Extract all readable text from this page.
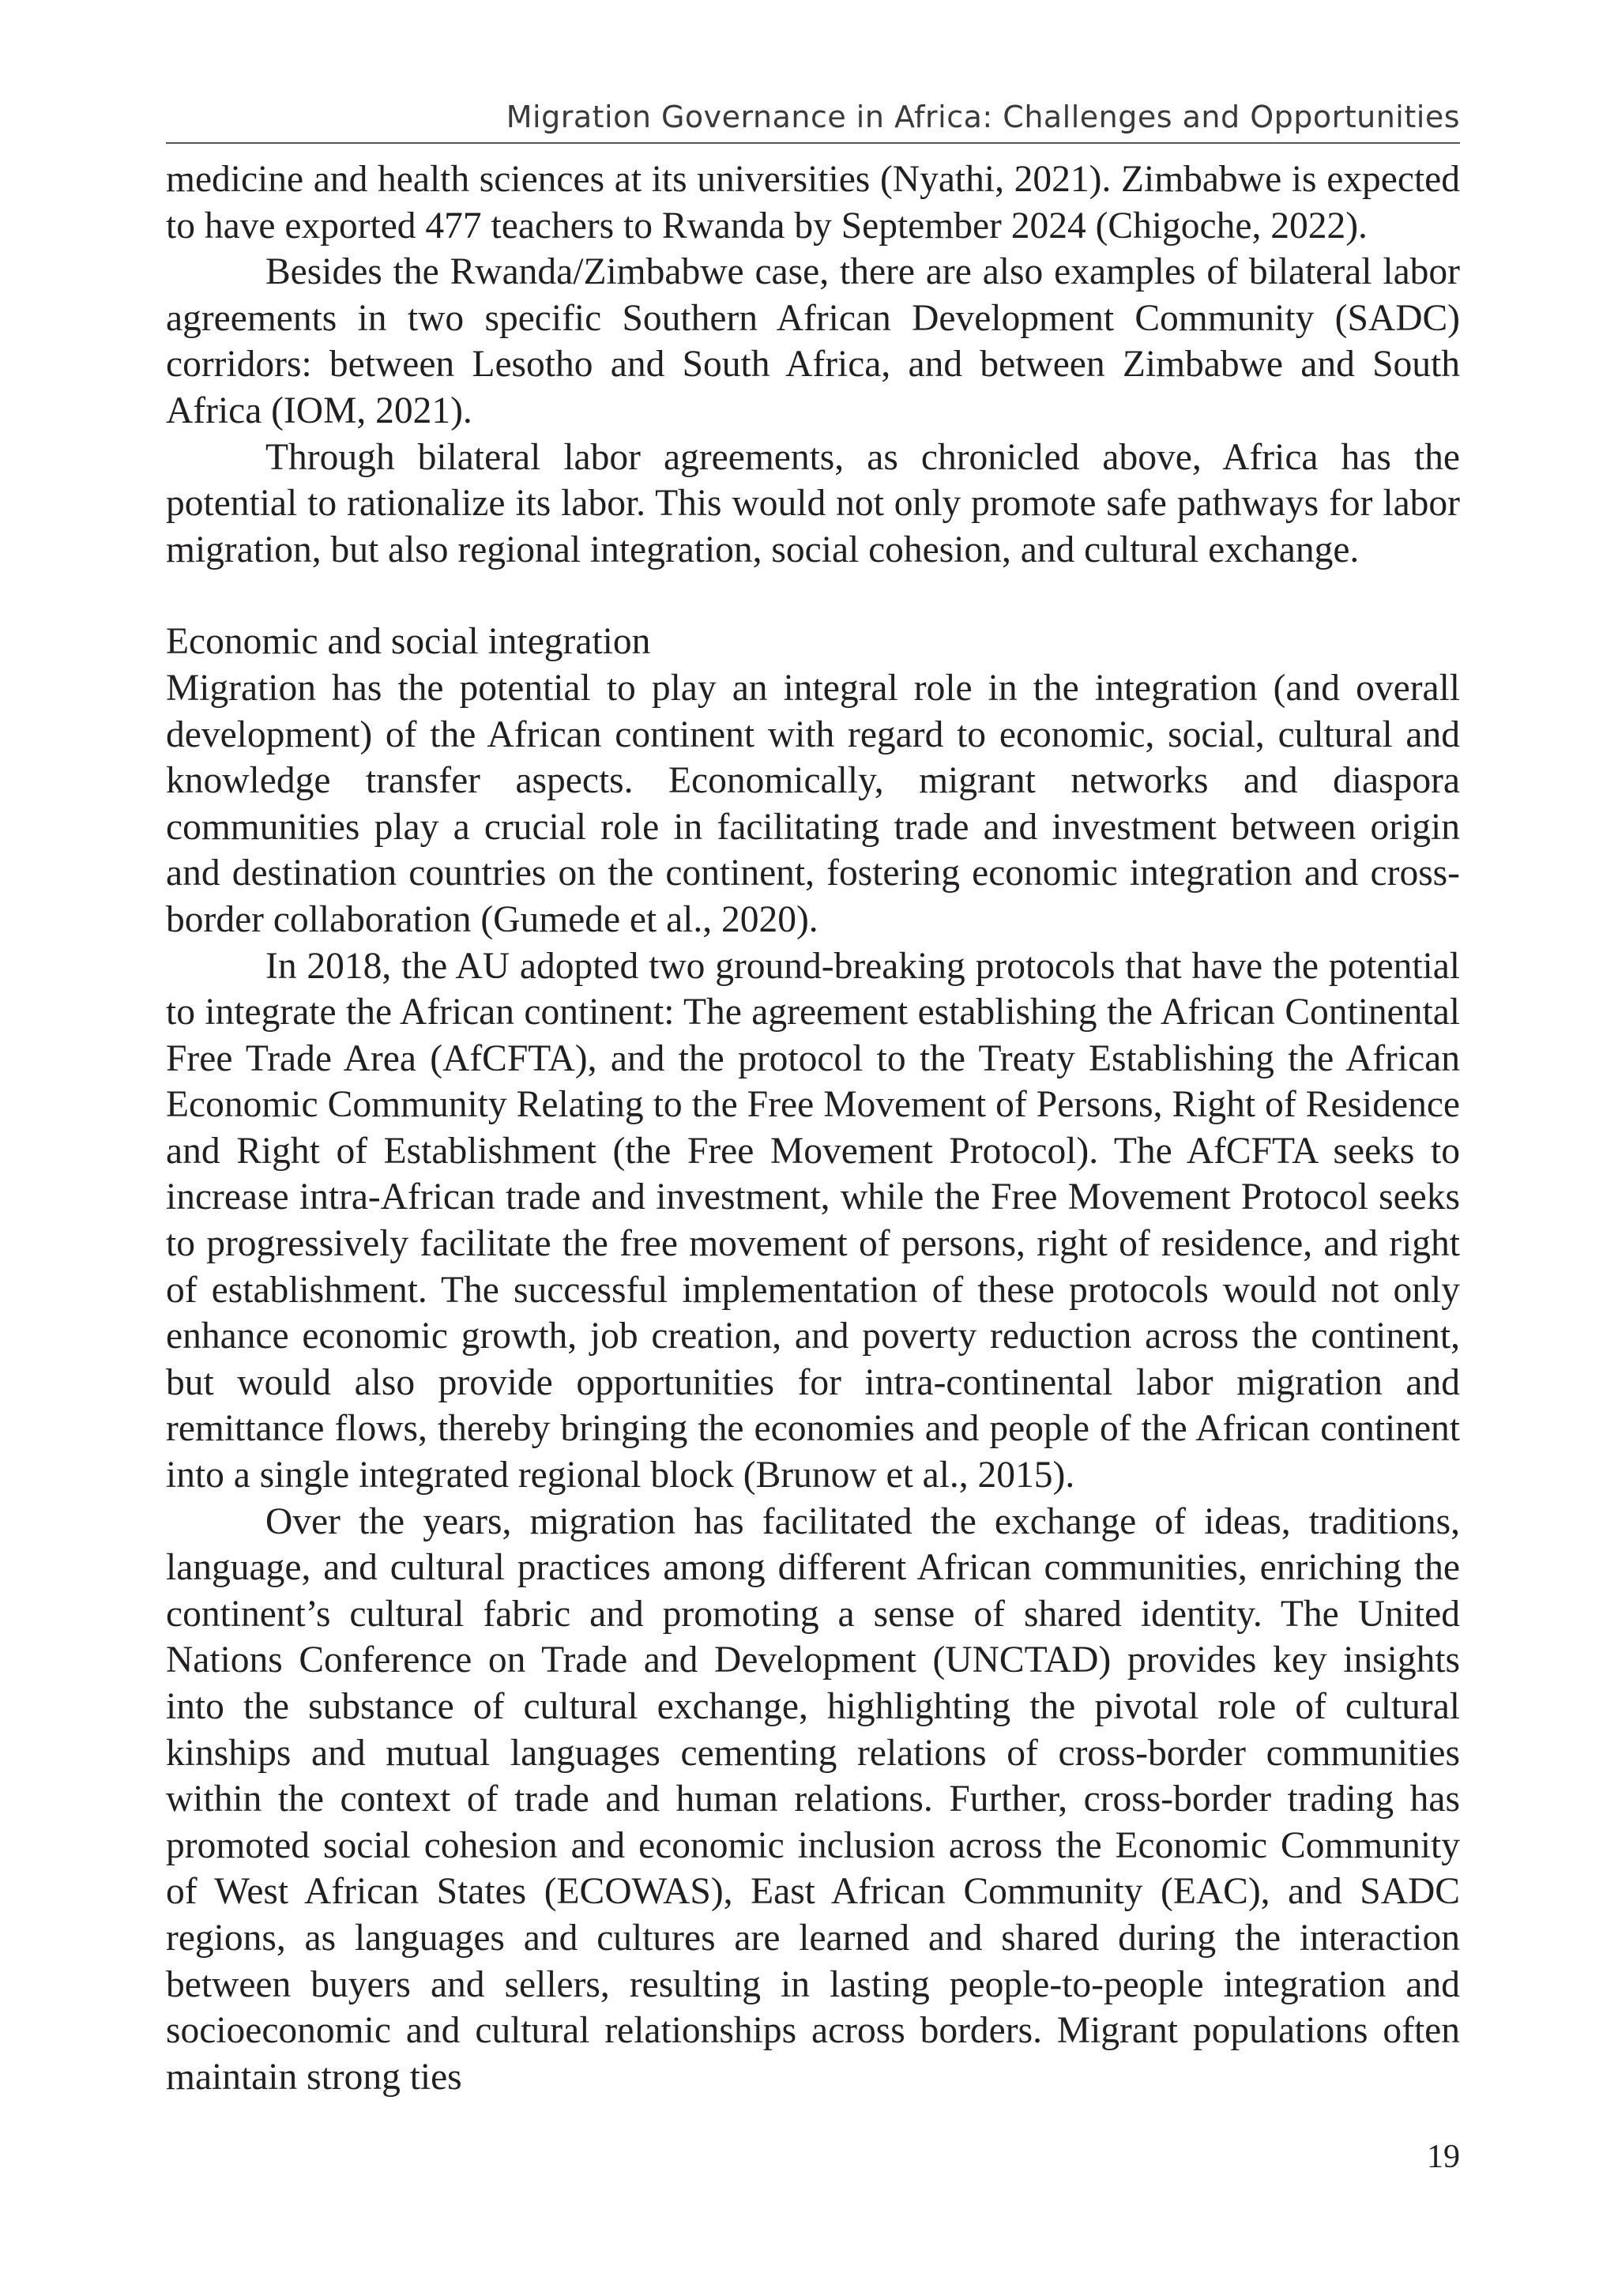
Migration Governance in Africa: Challenges and Opportunities

medicine and health sciences at its universities (Nyathi, 2021). Zimbabwe is expected to have exported 477 teachers to Rwanda by September 2024 (Chigoche, 2022).

Besides the Rwanda/Zimbabwe case, there are also examples of bilateral labor agreements in two specific Southern African Development Community (SADC) corridors: between Lesotho and South Africa, and between Zimbabwe and South Africa (IOM, 2021).

Through bilateral labor agreements, as chronicled above, Africa has the potential to rationalize its labor. This would not only promote safe pathways for labor migration, but also regional integration, social cohesion, and cultural exchange.

Economic and social integration

Migration has the potential to play an integral role in the integration (and overall development) of the African continent with regard to economic, social, cultural and knowledge transfer aspects. Economically, migrant networks and diaspora communities play a crucial role in facilitating trade and investment between origin and destination countries on the continent, fostering economic integration and cross-border collaboration (Gumede et al., 2020).

In 2018, the AU adopted two ground-breaking protocols that have the potential to integrate the African continent: The agreement establishing the African Continental Free Trade Area (AfCFTA), and the protocol to the Treaty Establishing the African Economic Community Relating to the Free Movement of Persons, Right of Residence and Right of Establishment (the Free Movement Protocol). The AfCFTA seeks to increase intra-African trade and investment, while the Free Movement Protocol seeks to progressively facilitate the free movement of persons, right of residence, and right of establishment. The successful implementation of these protocols would not only enhance economic growth, job creation, and poverty reduction across the continent, but would also provide opportunities for intra-continental labor migration and remittance flows, thereby bringing the economies and people of the African continent into a single integrated regional block (Brunow et al., 2015).

Over the years, migration has facilitated the exchange of ideas, traditions, language, and cultural practices among different African communities, enriching the continent’s cultural fabric and promoting a sense of shared identity. The United Nations Conference on Trade and Development (UNCTAD) provides key insights into the substance of cultural exchange, highlighting the pivotal role of cultural kinships and mutual languages cementing relations of cross-border communities within the context of trade and human relations. Further, cross-border trading has promoted social cohesion and economic inclusion across the Economic Community of West African States (ECOWAS), East African Community (EAC), and SADC regions, as languages and cultures are learned and shared during the interaction between buyers and sellers, resulting in lasting people-to-people integration and socioeconomic and cultural relationships across borders. Migrant populations often maintain strong ties

19
